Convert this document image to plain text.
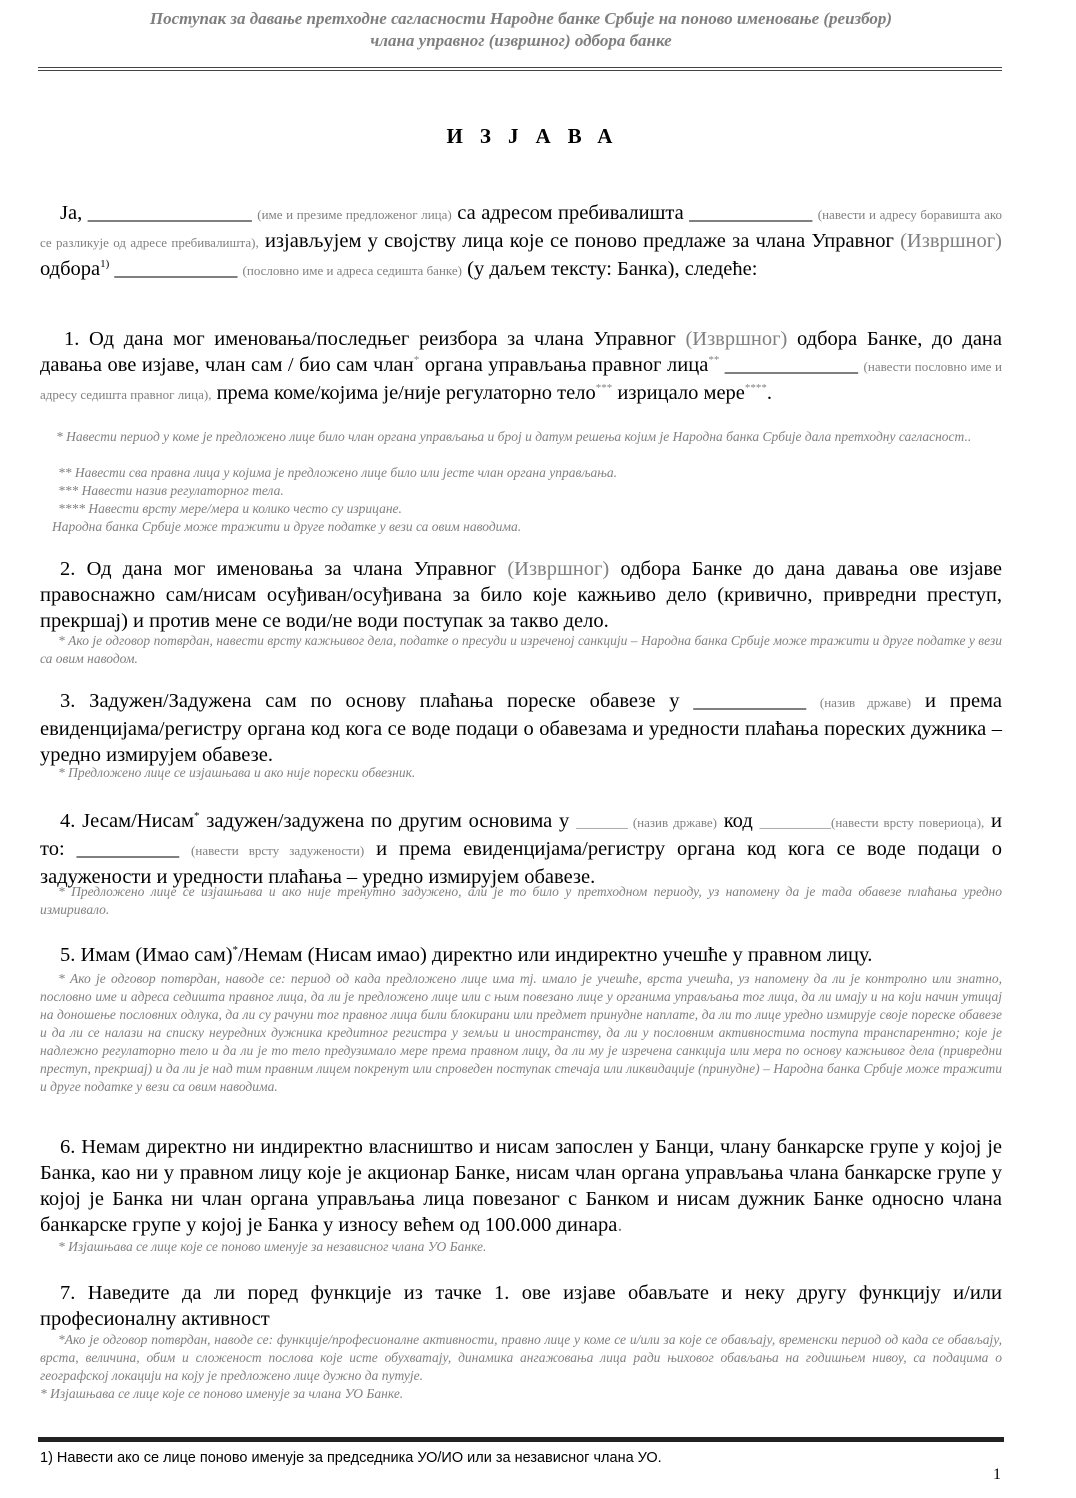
Поступак за давање претходне сагласности Народне банке Србије на поново именовање (реизбор)
члана управног (извршног) одбора банке
ИЗЈАВА
Ја, ________________ (име и презиме предложеног лица) са адресом пребивалишта ____________ (навести и адресу боравишта ако се разликује од адресе пребивалишта), изјављујем у својству лица које се поново предлаже за члана Управног (Извршног) одбора$^{1)}$ ____________ (пословно име и адреса седишта банке) (у даљем тексту: Банка), следеће:
1. Од дана мог именовања/последњег реизбора за члана Управног (Извршног) одбора Банке, до дана давања ове изјаве, члан сам / био сам члан* органа управљања правног лица** _____________ (навести пословно име и адресу седишта правног лица), према коме/којима је/није регулаторно тело*** изрицало мере****.
* Навести период у коме је предложено лице било члан органа управљања и број и датум решења којим је Народна банка Србије дала претходну сагласност..
** Навести сва правна лица у којима је предложено лице било или јесте члан органа управљања.
*** Навести назив регулаторног тела.
**** Навести врсту мере/мера и колико често су изрицане.
Народна банка Србије може тражити и друге податке у вези са овим наводима.
2. Од дана мог именовања за члана Управног (Извршног) одбора Банке до дана давања ове изјаве правоснажно сам/нисам осуђиван/осуђивана за било које кажњиво дело (кривично, привредни преступ, прекршај) и против мене се води/не води поступак за такво дело.
* Ако је одговор потврдан, навести врсту кажњивог дела, податке о пресуди и изреченој санкцији – Народна банка Србије може тражити и друге податке у вези са овим наводом.
3. Задужен/Задужена сам по основу плаћања пореске обавезе у ___________ (назив државе) и према евиденцијама/регистру органа код кога се воде подаци о обавезама и уредности плаћања пореских дужника – уредно измирујем обавезе.
* Предложено лице се изјашњава и ако није порески обвезник.
4. Јесам/Нисам* задужен/задужена по другим основима у ________ (назив државе) код ___________(навести врсту повериоца), и то: __________ (навести врсту задужености) и према евиденцијама/регистру органа код кога се воде подаци о задужености и уредности плаћања – уредно измирујем обавезе.
* Предложено лице се изјашњава и ако није тренутно задужено, али је то било у претходном периоду, уз напомену да је тада обавезе плаћања уредно измиривало.
5. Имам (Имао сам)*/Немам (Нисам имао) директно или индиректно учешће у правном лицу.
* Ако је одговор потврдан, наводе се: период од када предложено лице има тј. имало је учешће, врста учешћа, уз напомену да ли је контролно или знатно, пословно име и адреса седишта правног лица, да ли је предложено лице или с њим повезано лице у органима управљања тог лица, да ли имају и на који начин утицај на доношење пословних одлука, да ли су рачуни тог правног лица били блокирани или предмет принудне наплате, да ли то лице уредно измирује своје пореске обавезе и да ли се налази на списку неуредних дужника кредитног регистра у земљи и иностранству, да ли у пословним активностима поступа транспарентно; које је надлежно регулаторно тело и да ли је то тело предузимало мере према правном лицу, да ли му је изречена санкција или мера по основу кажњивог дела (привредни преступ, прекршај) и да ли је над тим правним лицем покренут или спроведен поступак стечаја или ликвидације (принудне) – Народна банка Србије може тражити и друге податке у вези са овим наводима.
6. Немам директно ни индиректно власништво и нисам запослен у Банци, члану банкарске групе у којој је Банка, као ни у правном лицу које је акционар Банке, нисам члан органа управљања члана банкарске групе у којој је Банка ни члан органа управљања лица повезаног с Банком и нисам дужник Банке односно члана банкарске групе у којој је Банка у износу већем од 100.000 динара.
* Изјашњава се лице које се поново именује за независног члана УО Банке.
7. Наведите да ли поред функције из тачке 1. ове изјаве обављате и неку другу функцију и/или професионалну активност
*Ако је одговор потврдан, наводе се: функције/професионалне активности, правно лице у коме се и/или за које се обављају, временски период од када се обављају, врста, величина, обим и сложеност послова које исте обухватају, динамика ангажовања лица ради њиховог обављања на годишњем нивоу, са подацима о географској локацији на коју је предложено лице дужно да путује.
* Изјашњава се лице које се поново именује за члана УО Банке.
1) Навести ако се лице поново именује за председника УО/ИО или за независног члана УО.
1
